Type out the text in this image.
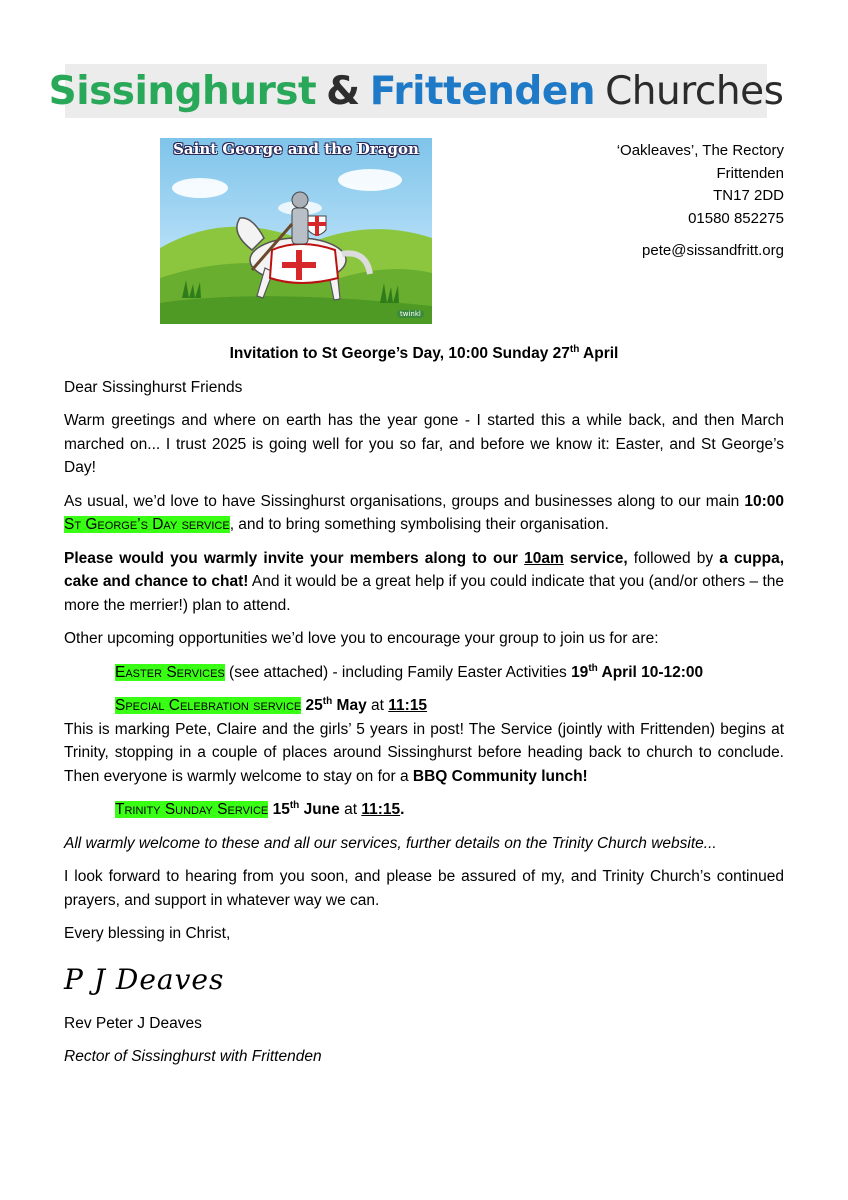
Sissinghurst & Frittenden Churches
Saint George and the Dragon
twinkl
‘Oakleaves’, The Rectory
Frittenden
TN17 2DD
01580 852275
pete@sissandfritt.org

Invitation to St George’s Day, 10:00 Sunday 27th April

Dear Sissinghurst Friends

Warm greetings and where on earth has the year gone - I started this a while back, and then March marched on... I trust 2025 is going well for you so far, and before we know it: Easter, and St George’s Day!

As usual, we’d love to have Sissinghurst organisations, groups and businesses along to our main 10:00 St George’s Day service, and to bring something symbolising their organisation.

Please would you warmly invite your members along to our 10am service, followed by a cuppa, cake and chance to chat! And it would be a great help if you could indicate that you (and/or others – the more the merrier!) plan to attend.

Other upcoming opportunities we’d love you to encourage your group to join us for are:

Easter Services (see attached) - including Family Easter Activities 19th April 10-12:00

Special Celebration service 25th May at 11:15

This is marking Pete, Claire and the girls’ 5 years in post! The Service (jointly with Frittenden) begins at Trinity, stopping in a couple of places around Sissinghurst before heading back to church to conclude. Then everyone is warmly welcome to stay on for a BBQ Community lunch!

Trinity Sunday Service 15th June at 11:15.

All warmly welcome to these and all our services, further details on the Trinity Church website...

I look forward to hearing from you soon, and please be assured of my, and Trinity Church’s continued prayers, and support in whatever way we can.

Every blessing in Christ,

P J Deaves

Rev Peter J Deaves

Rector of Sissinghurst with Frittenden
